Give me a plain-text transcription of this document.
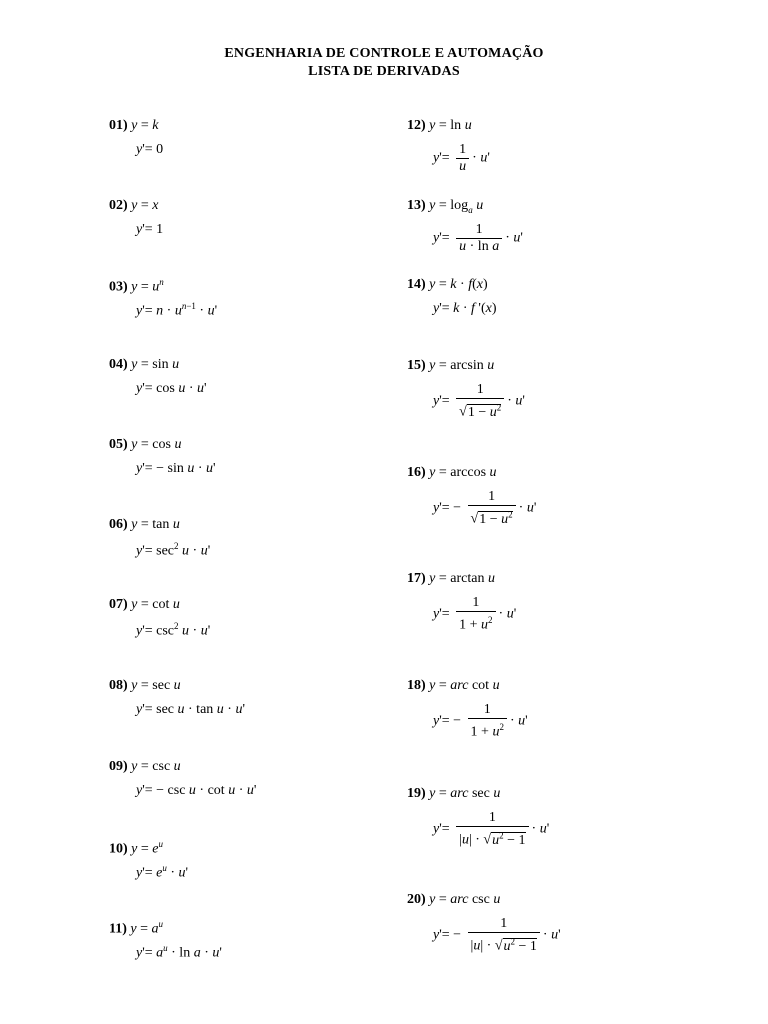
ENGENHARIA DE CONTROLE E AUTOMAÇÃO
LISTA DE DERIVADAS
01) y = k
y'= 0
02) y = x
y'= 1
03) $y = u^n$
$y'= n \cdot u^{n-1} \cdot u'$
04) y = sin u
y'= cos u · u'
05) y = cos u
y'= − sin u · u'
06) y = tan u
$y'= \sec^2 u \cdot u'$
07) y = cot u
$y'= \csc^2 u \cdot u'$
08) y = sec u
y'= sec u · tan u · u'
09) y = csc u
y'= − csc u · cot u · u'
10) $y = e^u$
$y'= e^u \cdot u'$
11) $y = a^u$
$y'= a^u \cdot \ln a \cdot u'$
12) y = ln u
$y'= \frac{1}{u} \cdot u'$
13) $y = \log_a u$
$y'= \frac{1}{\text{u · ln a}} \cdot u'$
14) y = k · f(x)
y'= k · f '(x)
15) y = arcsin u
$y'= \frac{1}{√1 - u^2} \cdot u'$
16) y = arccos u
$y'= - \frac{1}{√1 - u^2} \cdot u'$
17) y = arctan u
$y'= \frac{1}{1 + u^2} \cdot u'$
18) y = arc cot u
$y'= - \frac{1}{1 + u^2} \cdot u'$
19) y = arc sec u
$y'= \frac{1}{|u| \cdot √u^2 - 1} \cdot u'$
20) y = arc csc u
$y'= - \frac{1}{|u| \cdot √u^2 - 1} \cdot u'$
